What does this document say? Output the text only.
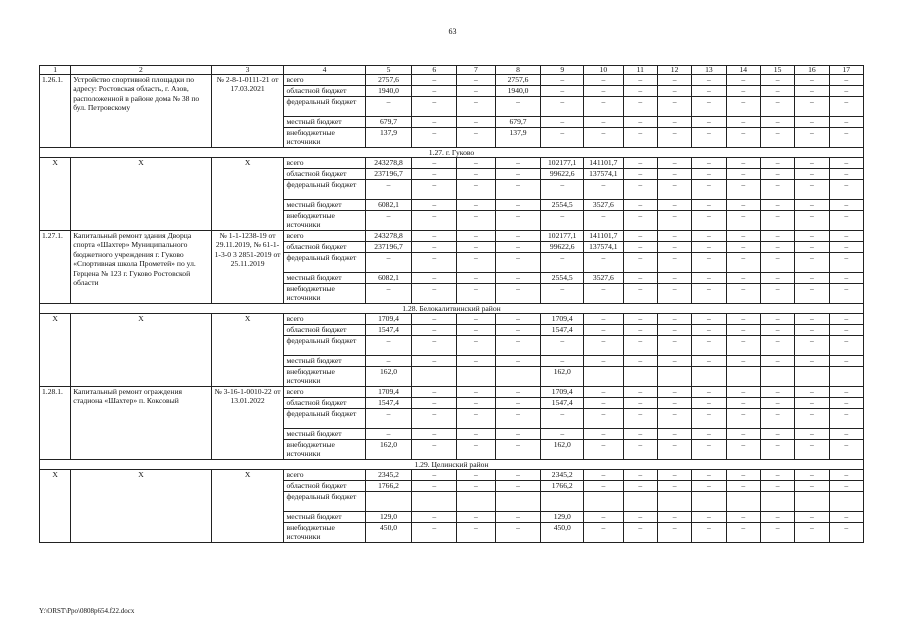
63
1	2	3	4	5	6	7	8	9	10	11	12	13	14	15	16	17
1.26.1.	Устройство спортивной площадки по адресу: Ростовская область, г. Азов, расположенной в районе дома № 38 по бул. Петровскому	№ 2-8-1-0111-21 от 17.03.2021	всего	2757,6	–	–	2757,6	–	–	–	–	–	–	–	–	–
			областной бюджет	1940,0	–	–	1940,0	–	–	–	–	–	–	–	–	–
			федеральный бюджет	–	–	–	–	–	–	–	–	–	–	–	–	–
			местный бюджет	679,7	–	–	679,7	–	–	–	–	–	–	–	–	–
			внебюджетные источники	137,9	–	–	137,9	–	–	–	–	–	–	–	–	–
1.27. г. Гуково																
Х	Х	Х	всего	243278,8	–	–	–	102177,1	141101,7	–	–	–	–	–	–	–
			областной бюджет	237196,7	–	–	–	99622,6	137574,1	–	–	–	–	–	–	–
			федеральный бюджет	–	–	–	–	–	–	–	–	–	–	–	–	–
			местный бюджет	6082,1	–	–	–	2554,5	3527,6	–	–	–	–	–	–	–
			внебюджетные источники	–	–	–	–	–	–	–	–	–	–	–	–	–
1.27.1.	Капитальный ремонт здания Дворца спорта «Шахтер» Муниципального бюджетного учреждения г. Гуково «Спортивная школа Прометей» по ул. Герцена № 123 г. Гуково Ростовской области	№ 1-1-1238-19 от 29.11.2019, № 61-1-1-3-0 3 2851-2019 от 25.11.2019	всего	243278,8	–	–	–	102177,1	141101,7	–	–	–	–	–	–	–
			областной бюджет	237196,7	–	–	–	99622,6	137574,1	–	–	–	–	–	–	–
			федеральный бюджет	–	–	–	–	–	–	–	–	–	–	–	–	–
			местный бюджет	6082,1	–	–	–	2554,5	3527,6	–	–	–	–	–	–	–
			внебюджетные источники	–	–	–	–	–	–	–	–	–	–	–	–	–
1.28. Белокалитвинский район																
Х	Х	Х	всего	1709,4	–	–	–	1709,4	–	–	–	–	–	–	–	–
			областной бюджет	1547,4	–	–	–	1547,4	–	–	–	–	–	–	–	–
			федеральный бюджет	–	–	–	–	–	–	–	–	–	–	–	–	–
			местный бюджет	–	–	–	–	–	–	–	–	–	–	–	–	–
			внебюджетные источники	162,0				162,0								
1.28.1.	Капитальный ремонт ограждения стадиона «Шахтер» п. Коксовый	№ 3-16-1-0010-22 от 13.01.2022	всего	1709,4	–	–	–	1709,4	–	–	–	–	–	–	–	–
			областной бюджет	1547,4	–	–	–	1547,4	–	–	–	–	–	–	–	–
			федеральный бюджет	–	–	–	–	–	–	–	–	–	–	–	–	–
			местный бюджет	–	–	–	–	–	–	–	–	–	–	–	–	–
			внебюджетные источники	162,0	–	–	–	162,0	–	–	–	–	–	–	–	–
1.29. Целинский район																
Х	Х	Х	всего	2345,2	–	–	–	2345,2	–	–	–	–	–	–	–	–
			областной бюджет	1766,2	–	–	–	1766,2	–	–	–	–	–	–	–	–
			федеральный бюджет													
			местный бюджет	129,0	–	–	–	129,0	–	–	–	–	–	–	–	–
			внебюджетные источники	450,0	–	–	–	450,0	–	–	–	–	–	–	–	–
Y:\ORST\Ppo\0808p654.f22.docx
